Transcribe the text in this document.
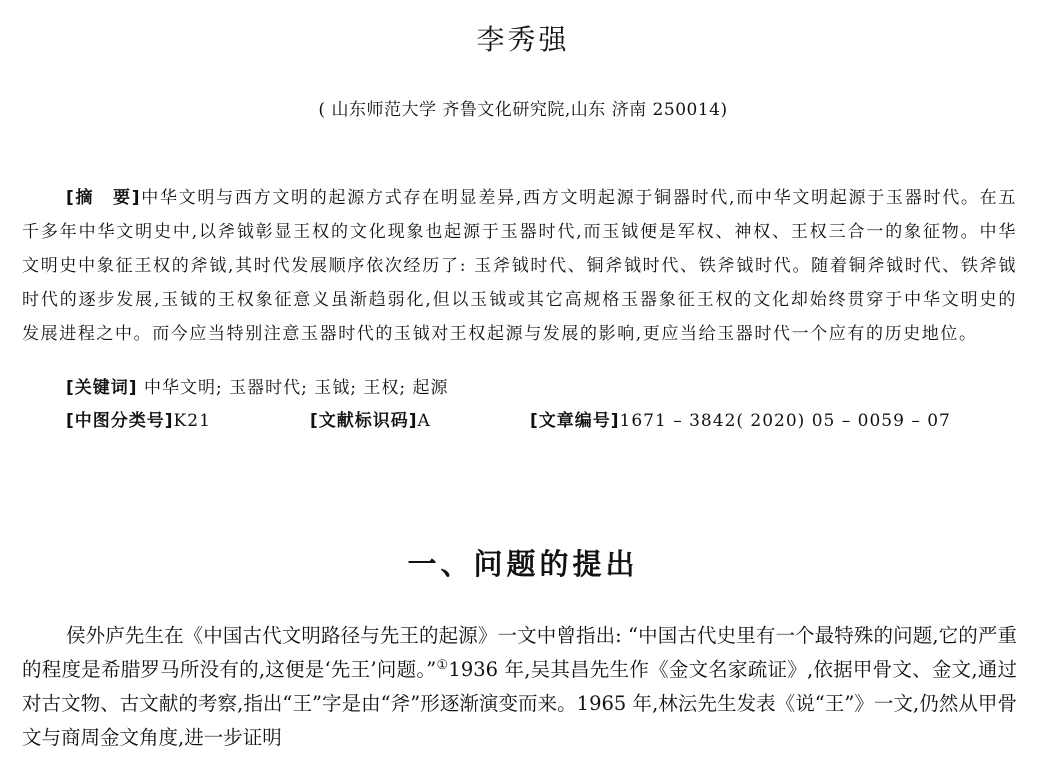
李秀强
( 山东师范大学 齐鲁文化研究院,山东 济南 250014)
[摘　要]中华文明与西方文明的起源方式存在明显差异,西方文明起源于铜器时代,而中华文明起源于玉器时代。在五千多年中华文明史中,以斧钺彰显王权的文化现象也起源于玉器时代,而玉钺便是军权、神权、王权三合一的象征物。中华文明史中象征王权的斧钺,其时代发展顺序依次经历了: 玉斧钺时代、铜斧钺时代、铁斧钺时代。随着铜斧钺时代、铁斧钺时代的逐步发展,玉钺的王权象征意义虽渐趋弱化,但以玉钺或其它高规格玉器象征王权的文化却始终贯穿于中华文明史的发展进程之中。而今应当特别注意玉器时代的玉钺对王权起源与发展的影响,更应当给玉器时代一个应有的历史地位。
[关键词] 中华文明; 玉器时代; 玉钺; 王权; 起源
[中图分类号]K21	[文献标识码]A	[文章编号]1671 – 3842( 2020) 05 – 0059 – 07
一、问题的提出
侯外庐先生在《中国古代文明路径与先王的起源》一文中曾指出: “中国古代史里有一个最特殊的问题,它的严重的程度是希腊罗马所没有的,这便是‘先王’问题。”①1936 年,吴其昌先生作《金文名家疏证》,依据甲骨文、金文,通过对古文物、古文献的考察,指出“王”字是由“斧”形逐渐演变而来。1965 年,林沄先生发表《说“王”》一文,仍然从甲骨文与商周金文角度,进一步证明
